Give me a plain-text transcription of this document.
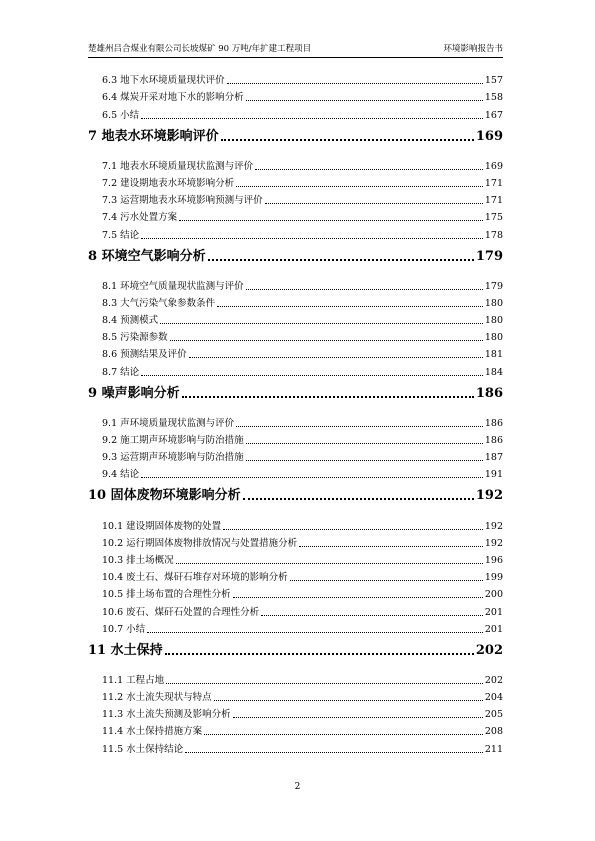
楚雄州吕合煤业有限公司长坡煤矿 90 万吨/年扩建工程项目	环境影响报告书
6.3 地下水环境质量现状评价	157
6.4 煤炭开采对地下水的影响分析	158
6.5 小结	167
7 地表水环境影响评价	169
7.1 地表水环境质量现状监测与评价	169
7.2 建设期地表水环境影响分析	171
7.3 运营期地表水环境影响预测与评价	171
7.4 污水处置方案	175
7.5 结论	178
8 环境空气影响分析	179
8.1 环境空气质量现状监测与评价	179
8.3 大气污染气象参数条件	180
8.4 预测模式	180
8.5 污染源参数	180
8.6 预测结果及评价	181
8.7 结论	184
9 噪声影响分析	186
9.1 声环境质量现状监测与评价	186
9.2 施工期声环境影响与防治措施	186
9.3 运营期声环境影响与防治措施	187
9.4 结论	191
10 固体废物环境影响分析	192
10.1 建设期固体废物的处置	192
10.2 运行期固体废物排放情况与处置措施分析	192
10.3 排土场概况	196
10.4 废土石、煤矸石堆存对环境的影响分析	199
10.5 排土场布置的合理性分析	200
10.6 废石、煤矸石处置的合理性分析	201
10.7 小结	201
11 水土保持	202
11.1 工程占地	202
11.2 水土流失现状与特点	204
11.3 水土流失预测及影响分析	205
11.4 水土保持措施方案	208
11.5 水土保持结论	211
2
